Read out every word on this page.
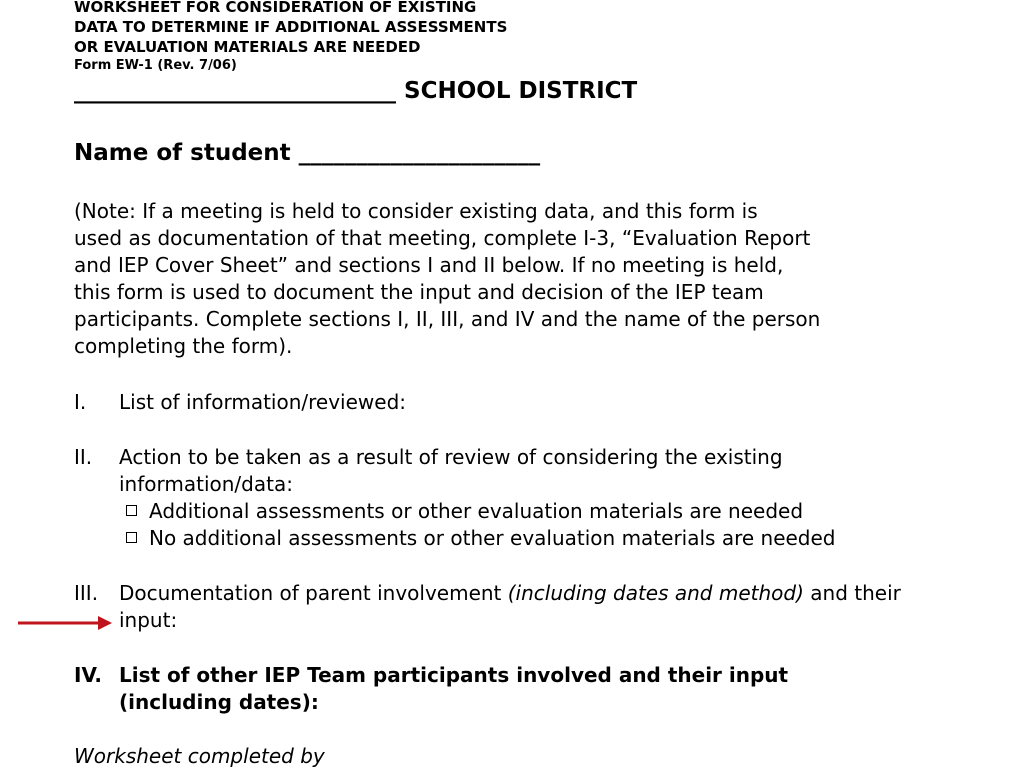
WORKSHEET FOR CONSIDERATION OF EXISTING
DATA TO DETERMINE IF ADDITIONAL ASSESSMENTS
OR EVALUATION MATERIALS ARE NEEDED
Form EW-1 (Rev. 7/06)
____________________________ SCHOOL DISTRICT
Name of student _____________________
(Note: If a meeting is held to consider existing data, and this form is
used as documentation of that meeting, complete I-3, “Evaluation Report
and IEP Cover Sheet” and sections I and II below. If no meeting is held,
this form is used to document the input and decision of the IEP team
participants. Complete sections I, II, III, and IV and the name of the person
completing the form).
I. List of information/reviewed:
II. Action to be taken as a result of review of considering the existing
information/data:
Additional assessments or other evaluation materials are needed
No additional assessments or other evaluation materials are needed
III. Documentation of parent involvement (including dates and method) and their
input:
IV. List of other IEP Team participants involved and their input
(including dates):
Worksheet completed by
